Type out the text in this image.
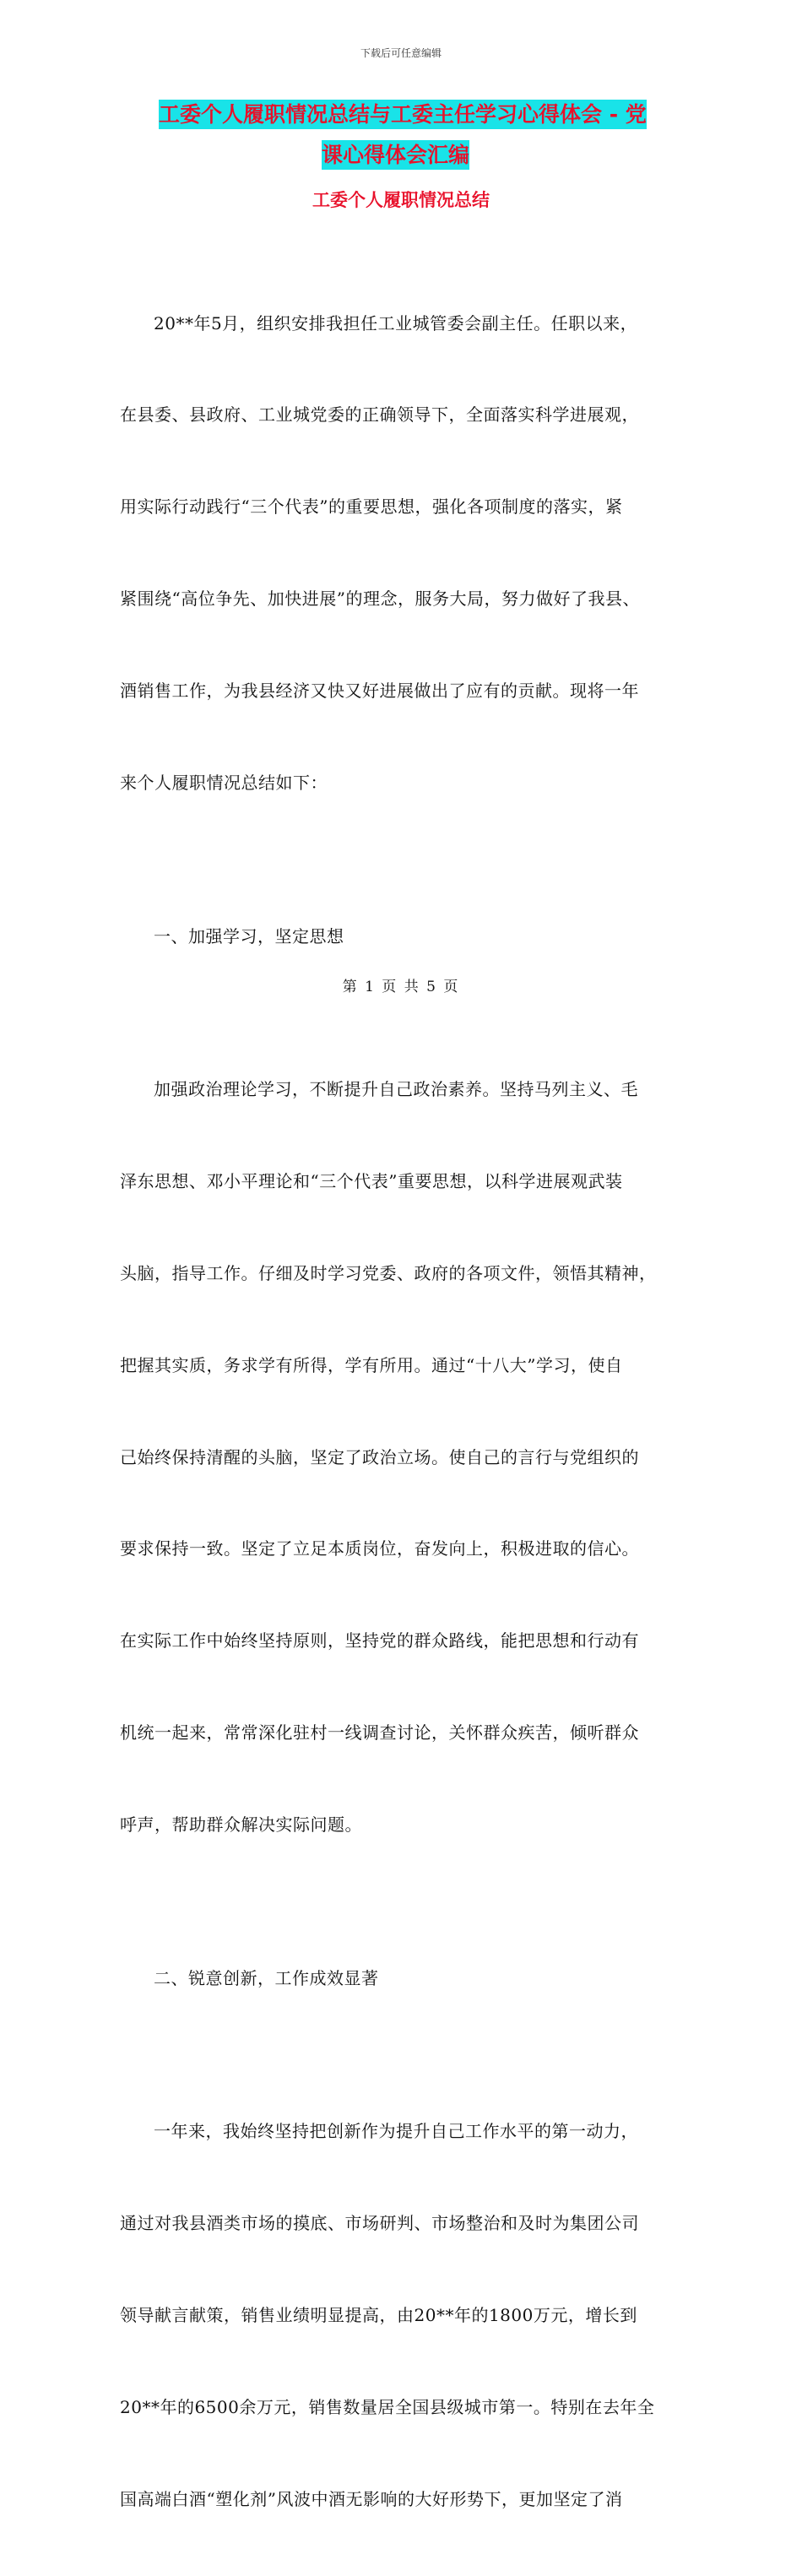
下载后可任意编辑
工委个人履职情况总结与工委主任学习心得体会 - 党
课心得体会汇编
工委个人履职情况总结

20**年5月，组织安排我担任工业城管委会副主任。任职以来，

在县委、县政府、工业城党委的正确领导下，全面落实科学进展观，

用实际行动践行“三个代表”的重要思想，强化各项制度的落实，紧

紧围绕“高位争先、加快进展”的理念，服务大局，努力做好了我县、

酒销售工作，为我县经济又快又好进展做出了应有的贡献。现将一年

来个人履职情况总结如下：

一、加强学习，坚定思想

加强政治理论学习，不断提升自己政治素养。坚持马列主义、毛

泽东思想、邓小平理论和“三个代表”重要思想，以科学进展观武装

头脑，指导工作。仔细及时学习党委、政府的各项文件，领悟其精神，

把握其实质，务求学有所得，学有所用。通过“十八大”学习，使自

己始终保持清醒的头脑，坚定了政治立场。使自己的言行与党组织的

要求保持一致。坚定了立足本质岗位，奋发向上，积极进取的信心。

在实际工作中始终坚持原则，坚持党的群众路线，能把思想和行动有

机统一起来，常常深化驻村一线调查讨论，关怀群众疾苦，倾听群众

呼声，帮助群众解决实际问题。

二、锐意创新，工作成效显著

一年来，我始终坚持把创新作为提升自己工作水平的第一动力，

通过对我县酒类市场的摸底、市场研判、市场整治和及时为集团公司

领导献言献策，销售业绩明显提高，由20**年的1800万元，增长到

20**年的6500余万元，销售数量居全国县级城市第一。特别在去年全

国高端白酒“塑化剂”风波中酒无影响的大好形势下，更加坚定了消

第 1 页 共 5 页
